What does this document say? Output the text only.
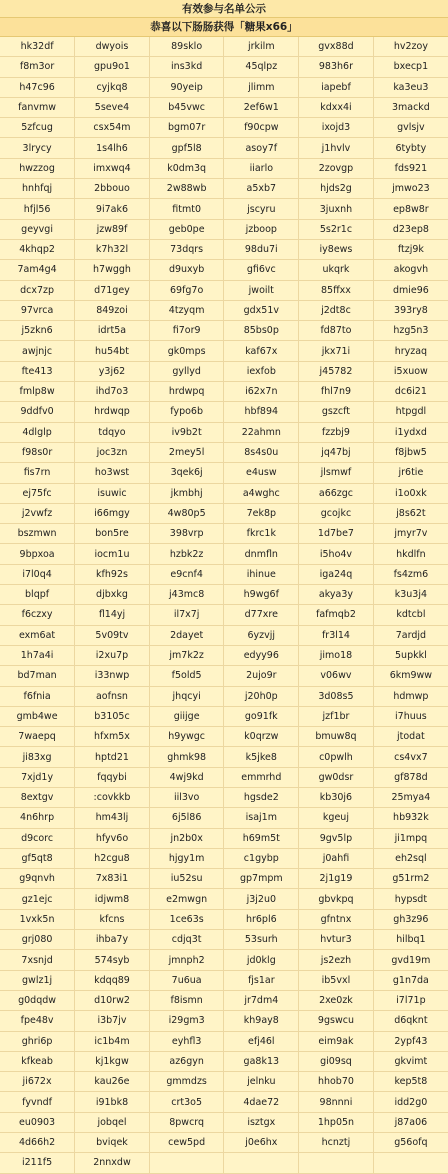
有效参与名单公示
恭喜以下肠肠获得「糖果x66」
hk32df	dwyois	89sklo	jrkilm	gvx88d	hv2zoy
f8m3or	gpu9o1	ins3kd	45qlpz	983h6r	bxecp1
h47c96	cyjkq8	90yeip	jlimm	iapebf	ka3eu3
fanvmw	5seve4	b45vwc	2ef6w1	kdxx4i	3mackd
5zfcug	csx54m	bgm07r	f90cpw	ixojd3	gvlsjv
3lrycy	1s4lh6	gpf5l8	asoy7f	j1hvlv	6tybty
hwzzog	imxwq4	k0dm3q	iiarlo	2zovgp	fds921
hnhfqj	2bbouo	2w88wb	a5xb7	hjds2g	jmwo23
hfjl56	9i7ak6	fitmt0	jscyru	3juxnh	ep8w8r
geyvgi	jzw89f	geb0pe	jzboop	5s2r1c	d23ep8
4khqp2	k7h32l	73dqrs	98du7i	iy8ews	ftzj9k
7am4g4	h7wggh	d9uxyb	gfi6vc	ukqrk	akogvh
dcx7zp	d71gey	69fg7o	jwoilt	85ffxx	dmie96
97vrca	849zoi	4tzyqm	gdx51v	j2dt8c	393ry8
j5zkn6	idrt5a	fi7or9	85bs0p	fd87to	hzg5n3
awjnjc	hu54bt	gk0mps	kaf67x	jkx71i	hryzaq
fte413	y3j62	gyllyd	iexfob	j45782	i5xuow
fmlp8w	ihd7o3	hrdwpq	i62x7n	fhl7n9	dc6i21
9ddfv0	hrdwqp	fypo6b	hbf894	gszcft	htpgdl
4dlglp	tdqyo	iv9b2t	22ahmn	fzzbj9	i1ydxd
f98s0r	joc3zn	2mey5l	8s4s0u	jq47bj	f8jbw5
fis7rn	ho3wst	3qek6j	e4usw	jlsmwf	jr6tie
ej75fc	isuwic	jkmbhj	a4wghc	a66zgc	i1o0xk
j2vwfz	i66mgy	4w80p5	7ek8p	gcojkc	j8s62t
bszmwn	bon5re	398vrp	fkrc1k	1d7be7	jmyr7v
9bpxoa	iocm1u	hzbk2z	dnmfln	i5ho4v	hkdlfn
i7l0q4	kfh92s	e9cnf4	ihinue	iga24q	fs4zm6
blqpf	djbxkg	j43mc8	h9wg6f	akya3y	k3u3j4
f6czxy	fl14yj	il7x7j	d77xre	fafmqb2	kdtcbl
exm6at	5v09tv	2dayet	6yzvjj	fr3l14	7ardjd
1h7a4i	i2xu7p	jm7k2z	edyy96	jimo18	5upkkl
bd7man	i33nwp	f5old5	2ujo9r	v06wv	6km9ww
f6fnia	aofnsn	jhqcyi	j20h0p	3d08s5	hdmwp
gmb4we	b3105c	giijge	go91fk	jzf1br	i7huus
7waepq	hfxm5x	h9ywgc	k0qrzw	bmuw8q	jtodat
ji83xg	hptd21	ghmk98	k5jke8	c0pwlh	cs4vx7
7xjd1y	fqqybi	4wj9kd	emmrhd	gw0dsr	gf878d
8extgv	:covkkb	iil3vo	hgsde2	kb30j6	25mya4
4n6hrp	hm43lj	6j5l86	isaj1m	kgeuj	hb932k
d9corc	hfyv6o	jn2b0x	h69m5t	9gv5lp	ji1mpq
gf5qt8	h2cgu8	hjgy1m	c1gybp	j0ahfi	eh2sql
g9qnvh	7x83i1	iu52su	gp7mpm	2j1g19	g51rm2
gz1ejc	idjwm8	e2mwgn	j3j2u0	gbvkpq	hypsdt
1vxk5n	kfcns	1ce63s	hr6pl6	gfntnx	gh3z96
grj080	ihba7y	cdjq3t	53surh	hvtur3	hilbq1
7xsnjd	574syb	jmnph2	jd0klg	js2ezh	gvd19m
gwlz1j	kdqq89	7u6ua	fjs1ar	ib5vxl	g1n7da
g0dqdw	d10rw2	f8ismn	jr7dm4	2xe0zk	i7l71p
fpe48v	i3b7jv	i29gm3	kh9ay8	9gswcu	d6qknt
ghri6p	ic1b4m	eyhfl3	efj46l	eim9ak	2ypf43
kfkeab	kj1kgw	az6gyn	ga8k13	gi09sq	gkvimt
ji672x	kau26e	gmmdzs	jelnku	hhob70	kep5t8
fyvndf	i91bk8	crt3o5	4dae72	98nnni	idd2g0
eu0903	jobqel	8pwcrq	isztgx	1hp05n	j87a06
4d66h2	bviqek	cew5pd	j0e6hx	hcnztj	g56ofq
i211f5	2nnxdw				
